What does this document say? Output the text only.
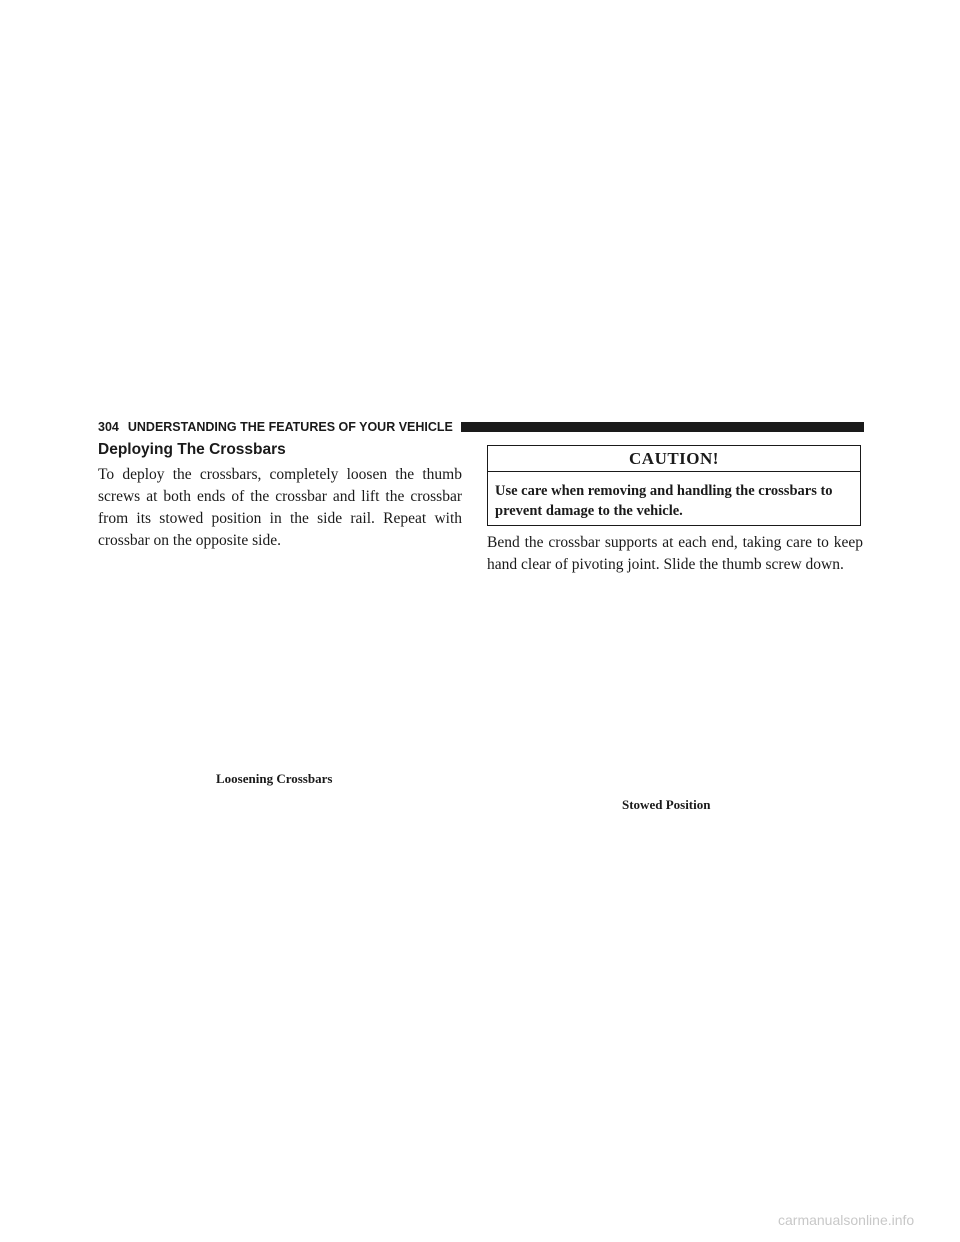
304 UNDERSTANDING THE FEATURES OF YOUR VEHICLE
Deploying The Crossbars

To deploy the crossbars, completely loosen the thumb screws at both ends of the crossbar and lift the crossbar from its stowed position in the side rail. Repeat with crossbar on the opposite side.

CAUTION!
Use care when removing and handling the crossbars to prevent damage to the vehicle.

Bend the crossbar supports at each end, taking care to keep hand clear of pivoting joint. Slide the thumb screw down.

Loosening Crossbars
Stowed Position
carmanualsonline.info
